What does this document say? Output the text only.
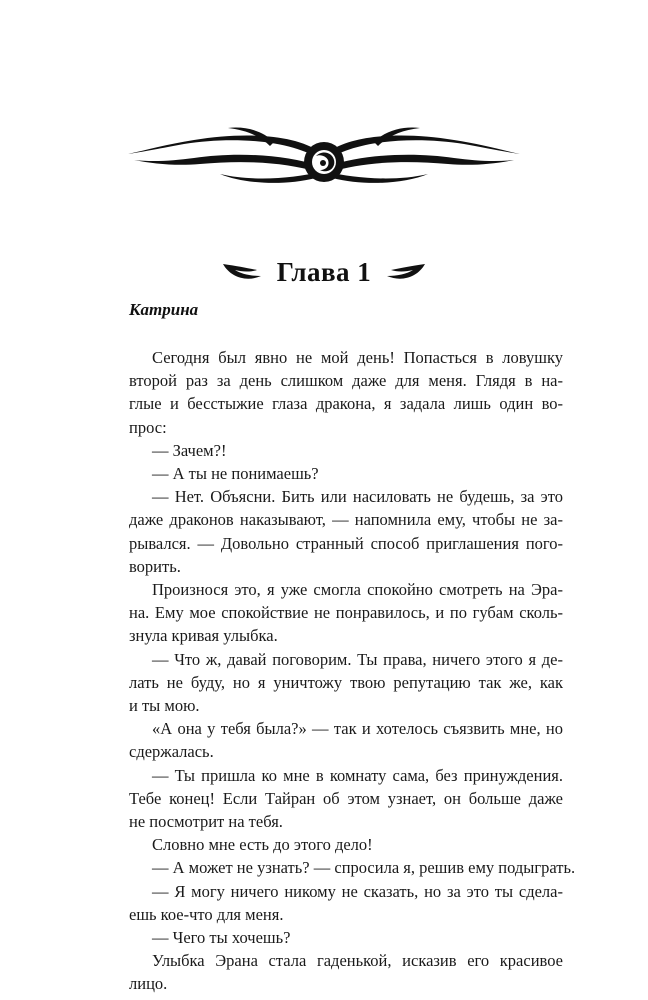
Глава 1
Катрина

Сегодня был явно не мой день! Попасться в ловушку
второй раз за день слишком даже для меня. Глядя в на-
глые и бесстыжие глаза дракона, я задала лишь один во-
прос:

— Зачем?!

— А ты не понимаешь?

— Нет. Объясни. Бить или насиловать не будешь, за это
даже драконов наказывают, — напомнила ему, чтобы не за-
рывался. — Довольно странный способ приглашения пого-
ворить.

Произнося это, я уже смогла спокойно смотреть на Эра-
на. Ему мое спокойствие не понравилось, и по губам сколь-
знула кривая улыбка.

— Что ж, давай поговорим. Ты права, ничего этого я де-
лать не буду, но я уничтожу твою репутацию так же, как
и ты мою.

«А она у тебя была?» — так и хотелось съязвить мне, но
сдержалась.

— Ты пришла ко мне в комнату сама, без принуждения.
Тебе конец! Если Тайран об этом узнает, он больше даже
не посмотрит на тебя.

Словно мне есть до этого дело!

— А может не узнать? — спросила я, решив ему подыграть.

— Я могу ничего никому не сказать, но за это ты сделa-
ешь кое-что для меня.

— Чего ты хочешь?

Улыбка Эрана стала гаденькой, исказив его красивое
лицо.
